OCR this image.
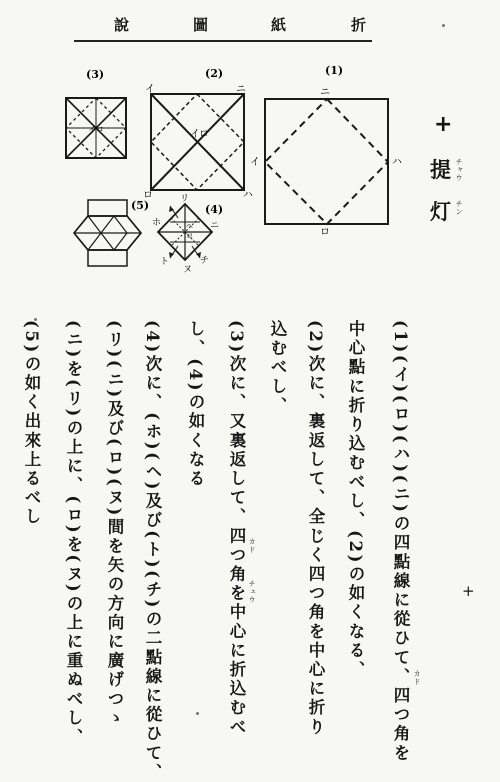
說	圖	紙	折
ニ
ハ
イ
ロ
(1)
イ	ニ
ロ	ハ
イ ロ
(2)
イロ
(3)
(5)	リ
ホ	ニ
ト	チ
ヌ
ロ
ヘ
(4)
+
提 チャウ
灯 チン
+
(1)(イ)(ロ)(ハ)(ニ)の四點線に從ひて、四つ角を
中心點に折り込むべし、(2)の如くなる、
(2)次に、裏返して、全じく四つ角を中心に折り
込むべし、
(3)次に、又裏返して、四つ角を中心に折込むべ
し、(4)の如くなる
(4)次に、(ホ)(ヘ)及び(ト)(チ)の二點線に從ひて、
(リ)(ニ)及び(ロ)(ヌ)間を矢の方向に廣げつゝ
(ニ)を(リ)の上に、(ロ)を(ヌ)の上に重ぬべし、
(5)の如く出來上るべし
カド
カド
チュウ
